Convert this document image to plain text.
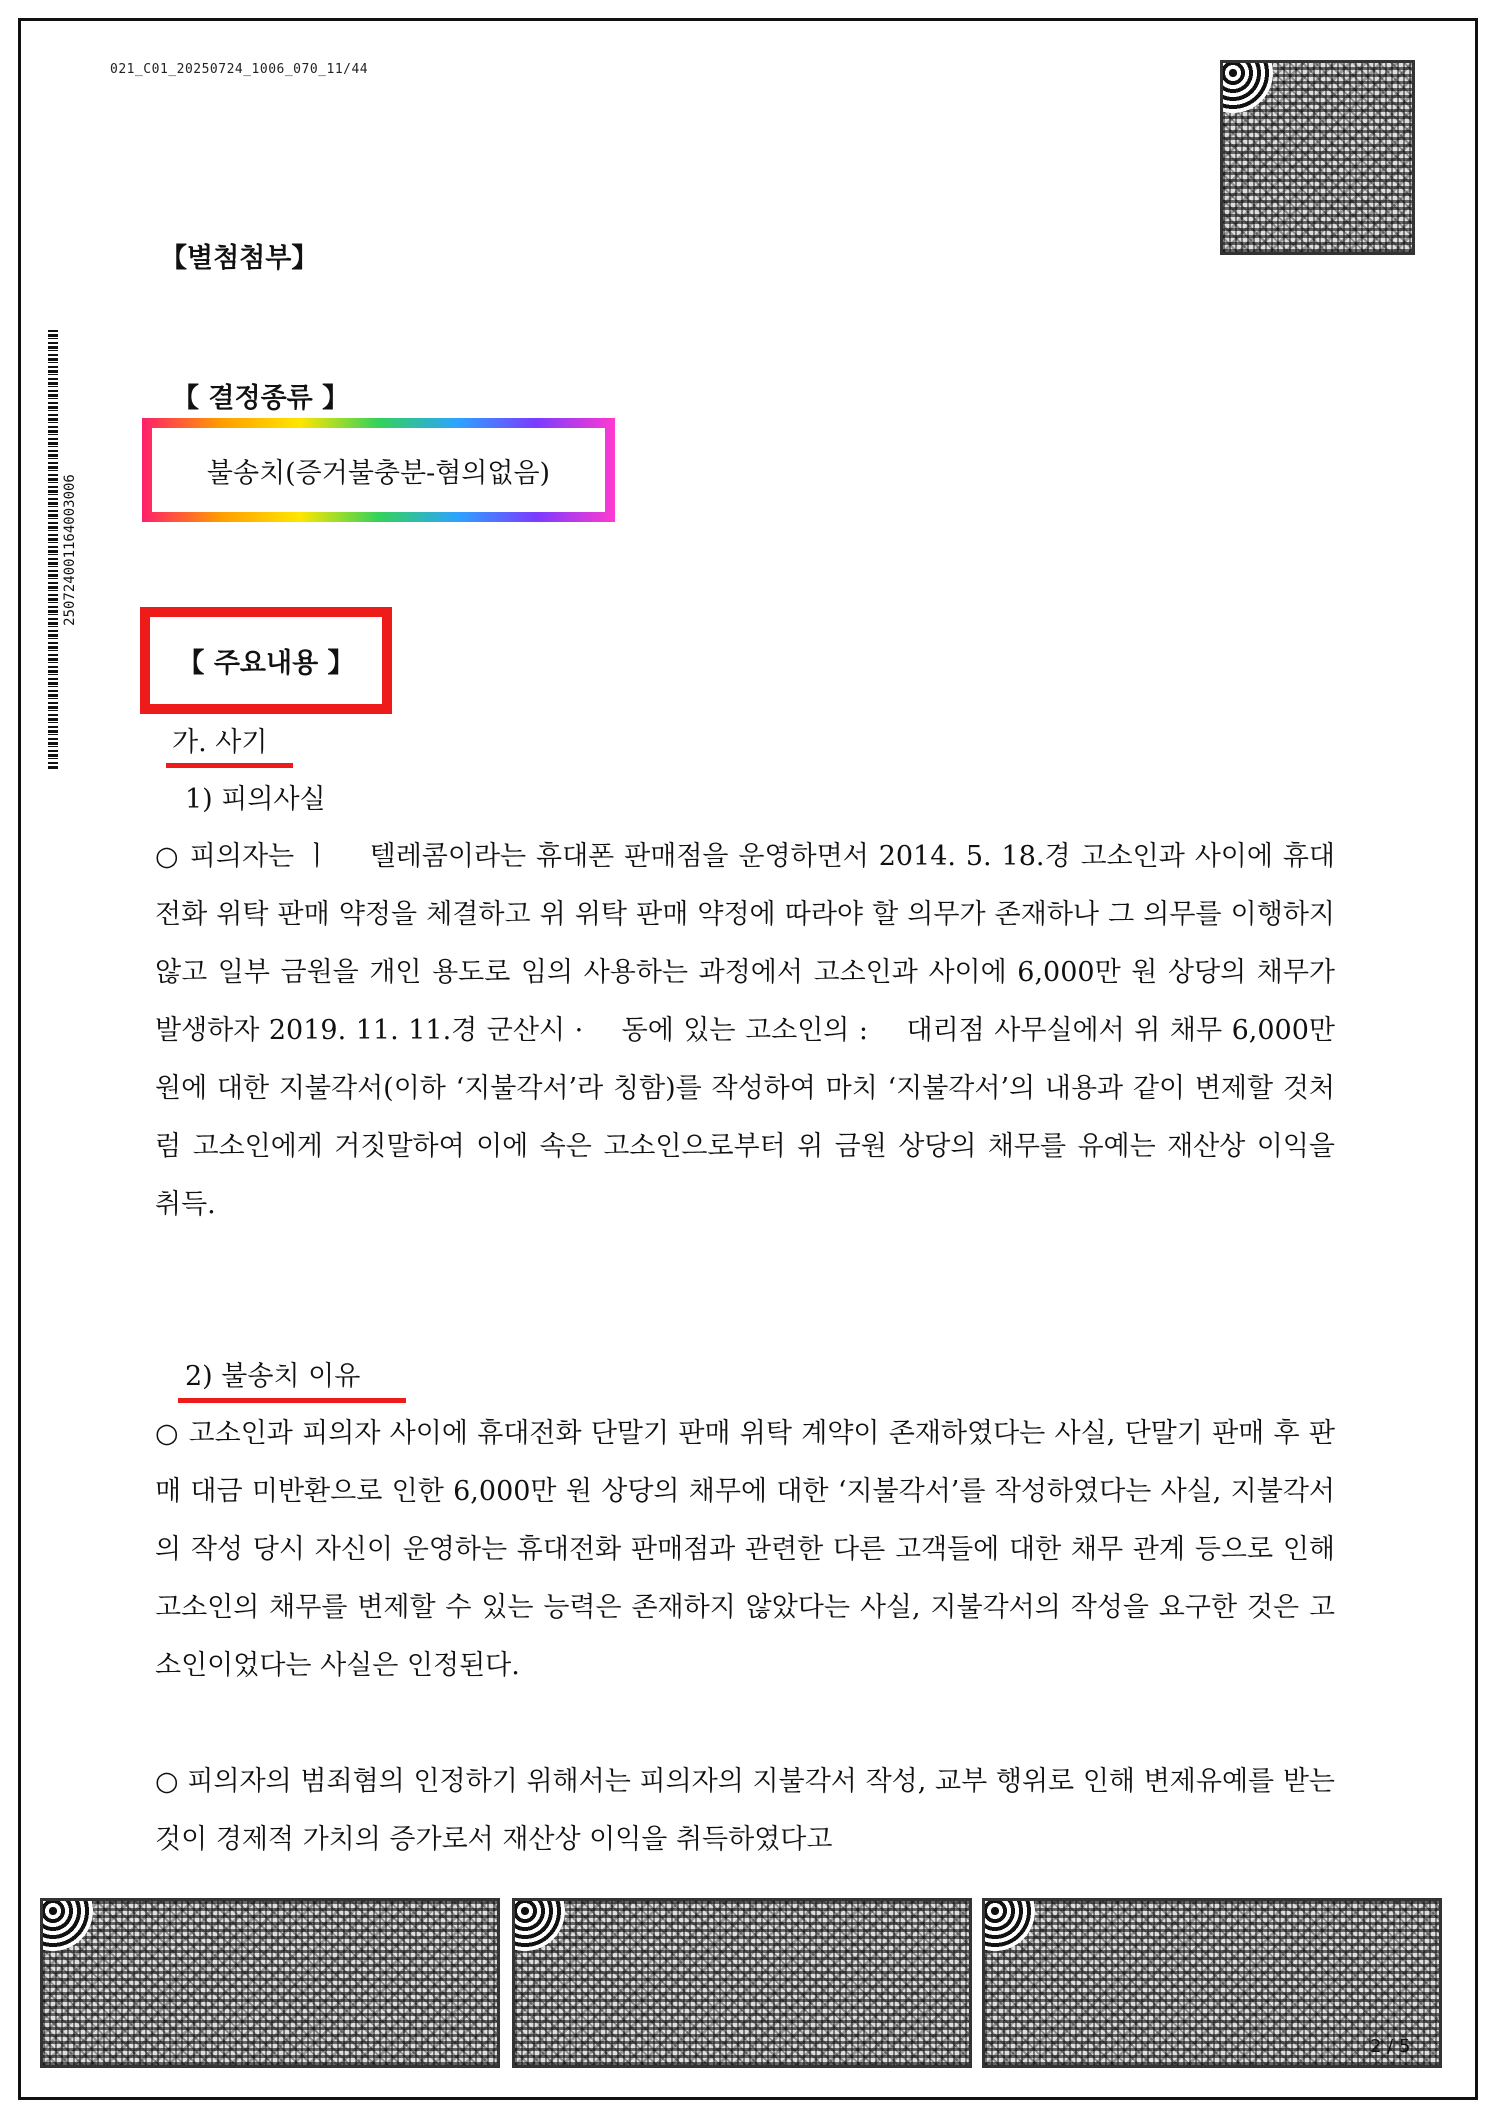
021_C01_20250724_1006_070_11/44
250724001164003006
【별첨첨부】
【 결정종류 】
불송치(증거불충분-혐의없음)
【 주요내용 】
가. 사기
1) 피의사실
○ 피의자는 ㅣ　 텔레콤이라는 휴대폰 판매점을 운영하면서 2014. 5. 18.경 고소인과 사이에 휴대전화 위탁 판매 약정을 체결하고 위 위탁 판매 약정에 따라야 할 의무가 존재하나 그 의무를 이행하지 않고 일부 금원을 개인 용도로 임의 사용하는 과정에서 고소인과 사이에 6,000만 원 상당의 채무가 발생하자 2019. 11. 11.경 군산시 ·　 동에 있는 고소인의 :　 대리점 사무실에서 위 채무 6,000만 원에 대한 지불각서(이하 ‘지불각서’라 칭함)를 작성하여 마치 ‘지불각서’의 내용과 같이 변제할 것처럼 고소인에게 거짓말하여 이에 속은 고소인으로부터 위 금원 상당의 채무를 유예는 재산상 이익을 취득.
2) 불송치 이유
○ 고소인과 피의자 사이에 휴대전화 단말기 판매 위탁 계약이 존재하였다는 사실, 단말기 판매 후 판매 대금 미반환으로 인한 6,000만 원 상당의 채무에 대한 ‘지불각서’를 작성하였다는 사실, 지불각서의 작성 당시 자신이 운영하는 휴대전화 판매점과 관련한 다른 고객들에 대한 채무 관계 등으로 인해 고소인의 채무를 변제할 수 있는 능력은 존재하지 않았다는 사실, 지불각서의 작성을 요구한 것은 고소인이었다는 사실은 인정된다.
○ 피의자의 범죄혐의 인정하기 위해서는 피의자의 지불각서 작성, 교부 행위로 인해 변제유예를 받는 것이 경제적 가치의 증가로서 재산상 이익을 취득하였다고
2 / 5
